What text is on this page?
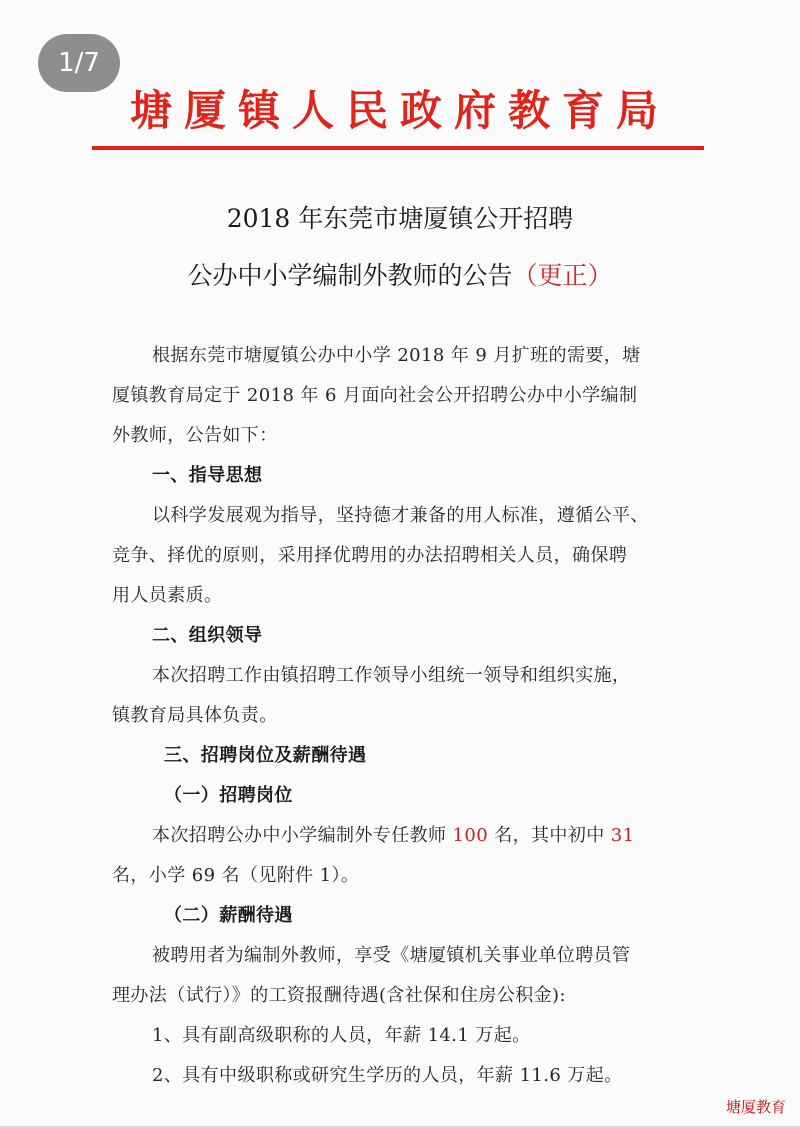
1/7
塘厦镇人民政府教育局
2018 年东莞市塘厦镇公开招聘
公办中小学编制外教师的公告（更正）
根据东莞市塘厦镇公办中小学 2018 年 9 月扩班的需要，塘
厦镇教育局定于 2018 年 6 月面向社会公开招聘公办中小学编制
外教师，公告如下：
一、指导思想
以科学发展观为指导，坚持德才兼备的用人标准，遵循公平、
竞争、择优的原则，采用择优聘用的办法招聘相关人员，确保聘
用人员素质。
二、组织领导
本次招聘工作由镇招聘工作领导小组统一领导和组织实施，
镇教育局具体负责。
三、招聘岗位及薪酬待遇
（一）招聘岗位
本次招聘公办中小学编制外专任教师 100 名，其中初中 31
名，小学 69 名（见附件 1）。
（二）薪酬待遇
被聘用者为编制外教师，享受《塘厦镇机关事业单位聘员管
理办法（试行）》的工资报酬待遇(含社保和住房公积金):
1、具有副高级职称的人员，年薪 14.1 万起。
2、具有中级职称或研究生学历的人员，年薪 11.6 万起。
塘厦教育
